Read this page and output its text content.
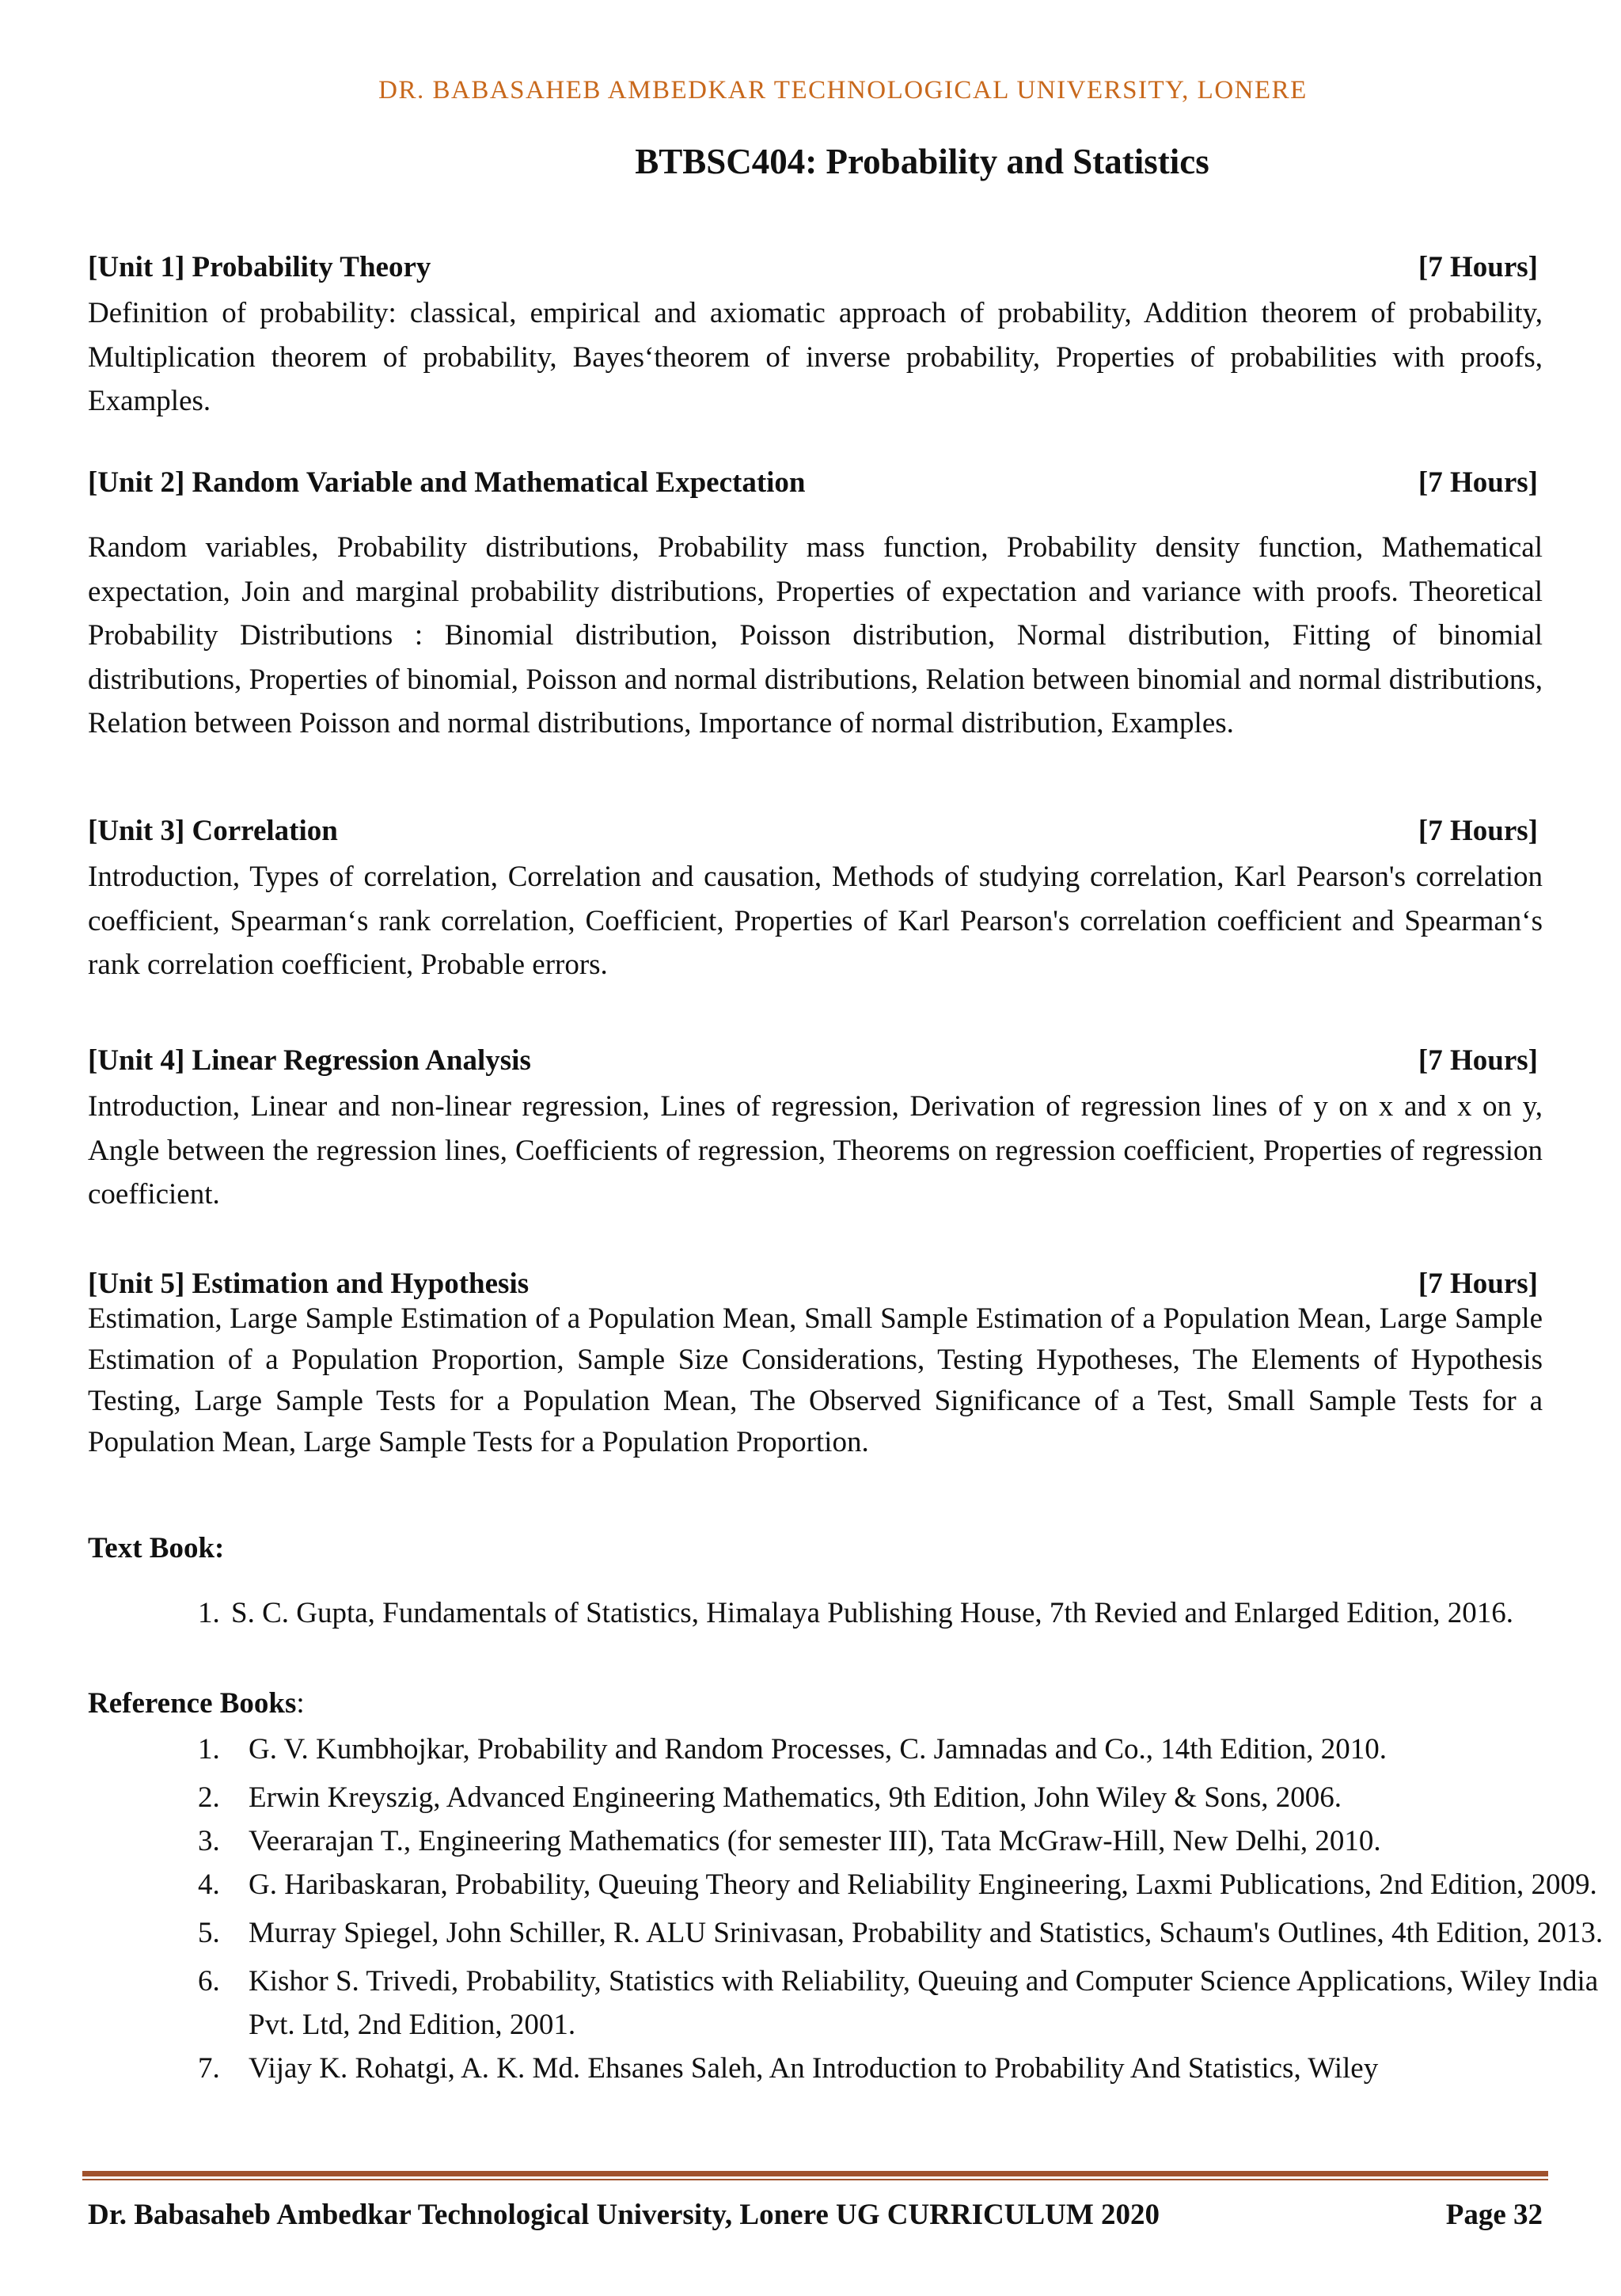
DR. BABASAHEB AMBEDKAR TECHNOLOGICAL UNIVERSITY, LONERE
BTBSC404: Probability and Statistics
[Unit 1] Probability Theory	[7 Hours]
Definition of probability: classical, empirical and axiomatic approach of probability, Addition theorem of probability, Multiplication theorem of probability, Bayes‘theorem of inverse probability, Properties of probabilities with proofs, Examples.
[Unit 2] Random Variable and Mathematical Expectation	[7 Hours]
Random variables, Probability distributions, Probability mass function, Probability density function, Mathematical expectation, Join and marginal probability distributions, Properties of expectation and variance with proofs. Theoretical Probability Distributions : Binomial distribution, Poisson distribution, Normal distribution, Fitting of binomial distributions, Properties of binomial, Poisson and normal distributions, Relation between binomial and normal distributions, Relation between Poisson and normal distributions, Importance of normal distribution, Examples.
[Unit 3] Correlation	[7 Hours]
Introduction, Types of correlation, Correlation and causation, Methods of studying correlation, Karl Pearson's correlation coefficient, Spearman‘s rank correlation, Coefficient, Properties of Karl Pearson's correlation coefficient and Spearman‘s rank correlation coefficient, Probable errors.
[Unit 4] Linear Regression Analysis	[7 Hours]
Introduction, Linear and non-linear regression, Lines of regression, Derivation of regression lines of y on x and x on y, Angle between the regression lines, Coefficients of regression, Theorems on regression coefficient, Properties of regression coefficient.
[Unit 5] Estimation and Hypothesis	[7 Hours]
Estimation, Large Sample Estimation of a Population Mean, Small Sample Estimation of a Population Mean, Large Sample Estimation of a Population Proportion, Sample Size Considerations, Testing Hypotheses, The Elements of Hypothesis Testing, Large Sample Tests for a Population Mean, The Observed Significance of a Test, Small Sample Tests for a Population Mean, Large Sample Tests for a Population Proportion.
Text Book:
1. S. C. Gupta, Fundamentals of Statistics, Himalaya Publishing House, 7th Revied and Enlarged Edition, 2016.
Reference Books:
1. G. V. Kumbhojkar, Probability and Random Processes, C. Jamnadas and Co., 14th Edition, 2010.
2. Erwin Kreyszig, Advanced Engineering Mathematics, 9th Edition, John Wiley & Sons, 2006.
3. Veerarajan T., Engineering Mathematics (for semester III), Tata McGraw-Hill, New Delhi, 2010.
4. G. Haribaskaran, Probability, Queuing Theory and Reliability Engineering, Laxmi Publications, 2nd Edition, 2009.
5. Murray Spiegel, John Schiller, R. ALU Srinivasan, Probability and Statistics, Schaum's Outlines, 4th Edition, 2013.
6. Kishor S. Trivedi, Probability, Statistics with Reliability, Queuing and Computer Science Applications, Wiley India Pvt. Ltd, 2nd Edition, 2001.
7. Vijay K. Rohatgi, A. K. Md. Ehsanes Saleh, An Introduction to Probability And Statistics, Wiley
Dr. Babasaheb Ambedkar Technological University, Lonere UG CURRICULUM 2020	Page 32
